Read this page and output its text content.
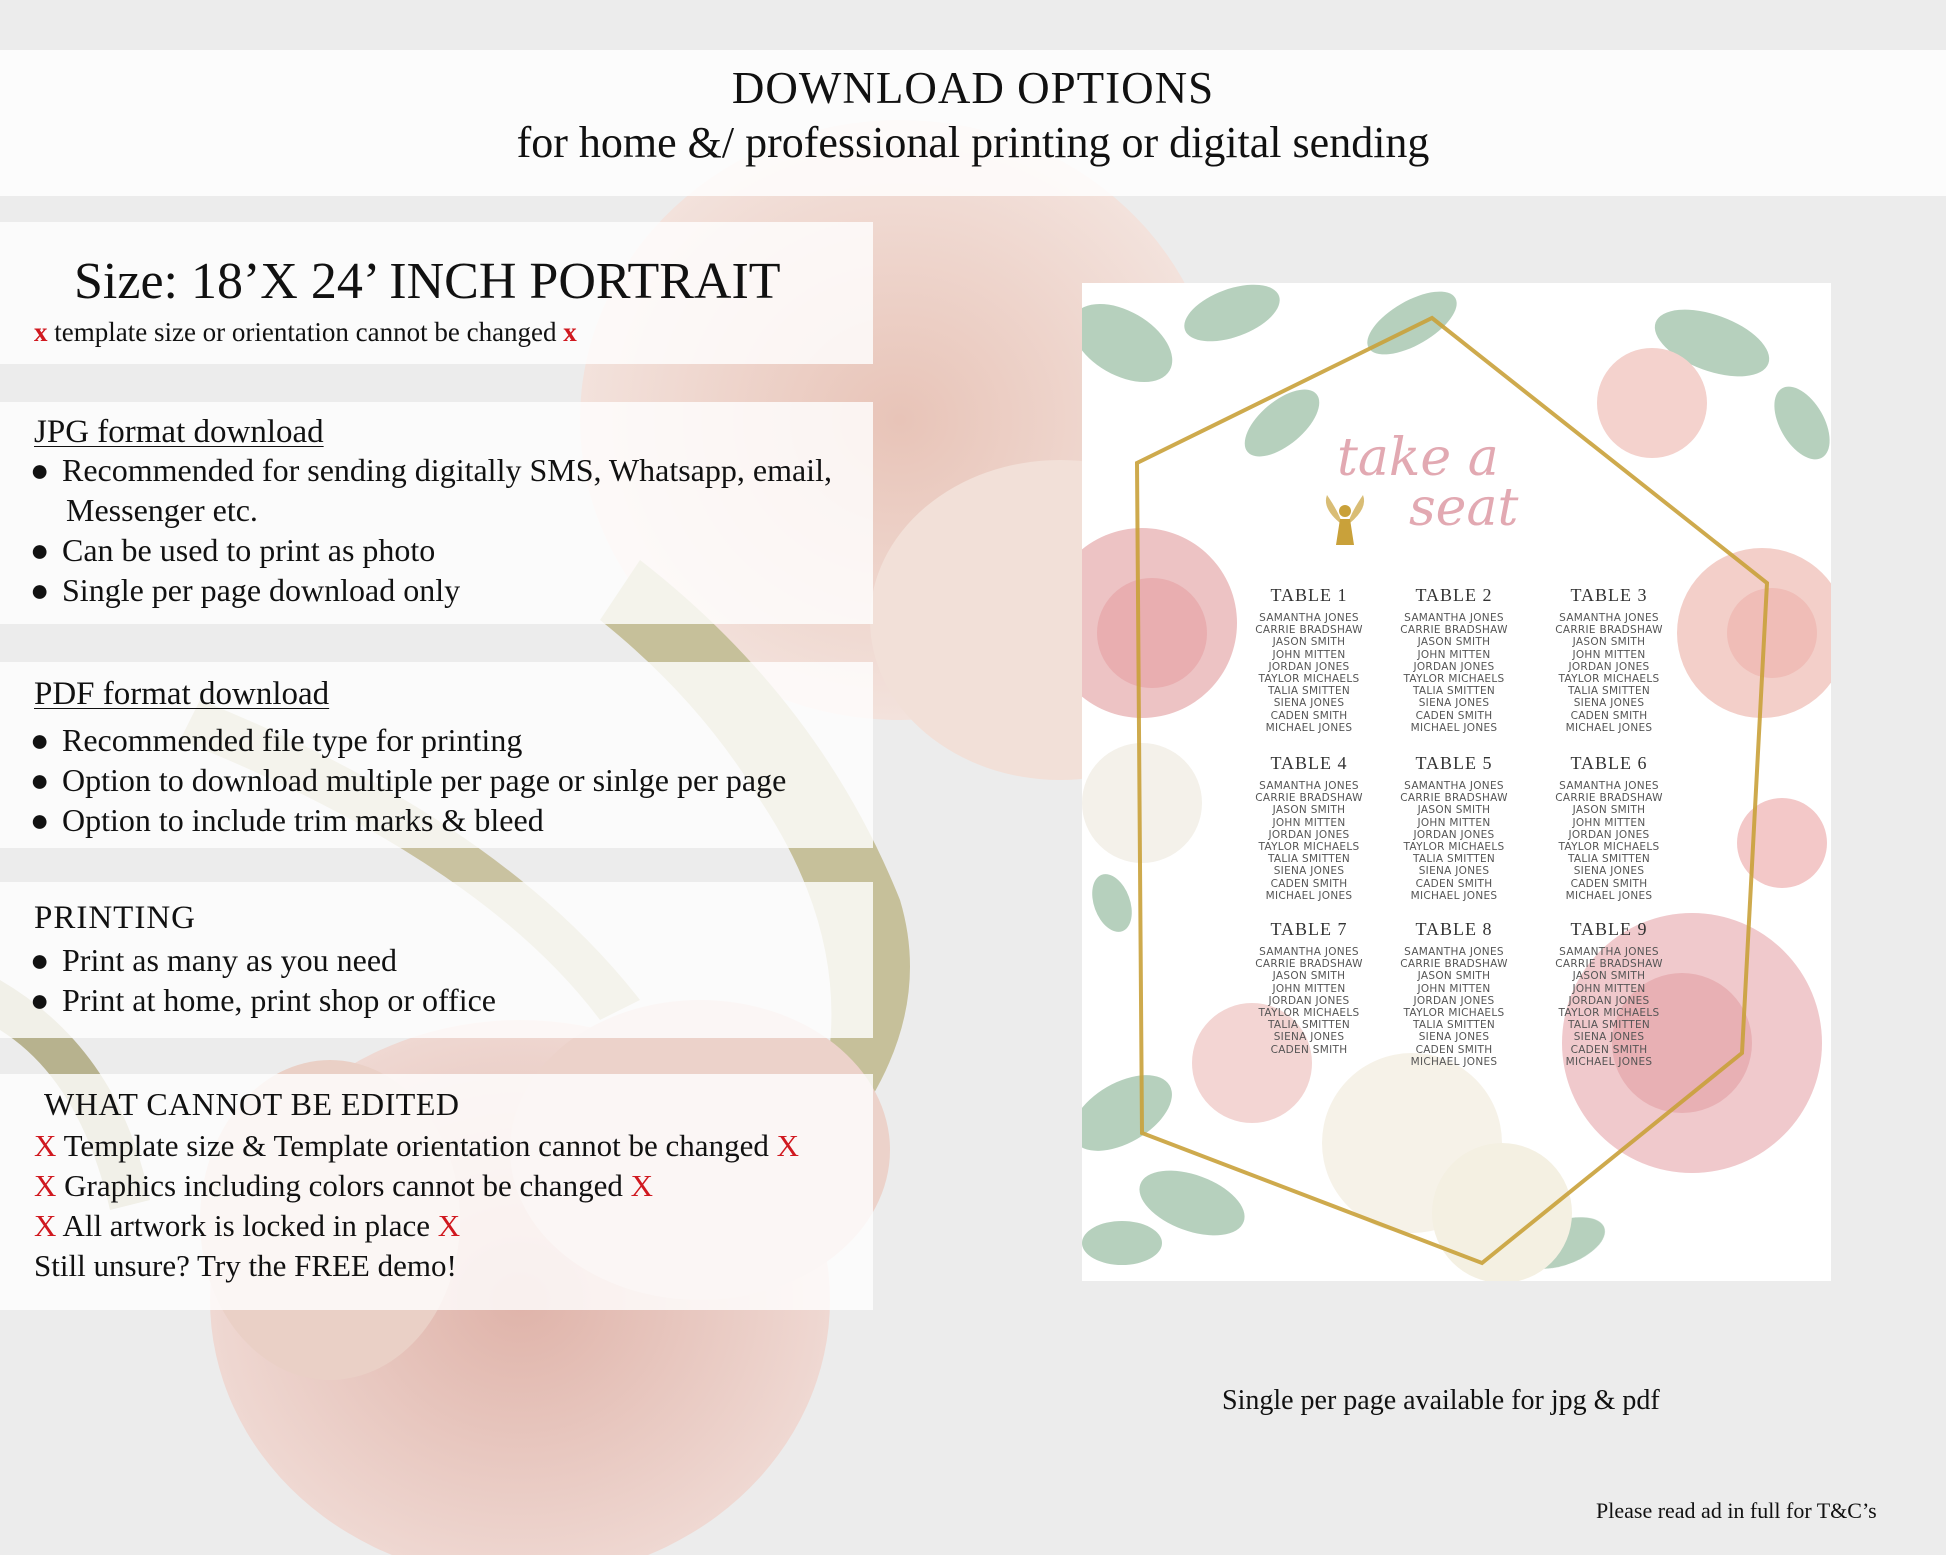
DOWNLOAD OPTIONS
for home &/ professional printing or digital sending
Size: 18’X 24’ INCH PORTRAIT
x template size or orientation cannot be changed x
JPG format download
● Recommended for sending digitally SMS, Whatsapp, email,
Messenger etc.
● Can be used to print as photo
● Single per page download only
PDF format download
● Recommended file type for printing
● Option to download multiple per page or sinlge per page
● Option to include trim marks & bleed
PRINTING
● Print as many as you need
● Print at home, print shop or office
WHAT CANNOT BE EDITED
X Template size & Template orientation cannot be changed X
X Graphics including colors cannot be changed X
X All artwork is locked in place X
Still unsure? Try the FREE demo!
take a
seat
TABLE 1
SAMANTHA JONES
CARRIE BRADSHAW
JASON SMITH
JOHN MITTEN
JORDAN JONES
TAYLOR MICHAELS
TALIA SMITTEN
SIENA JONES
CADEN SMITH
MICHAEL JONES
TABLE 2
SAMANTHA JONES
CARRIE BRADSHAW
JASON SMITH
JOHN MITTEN
JORDAN JONES
TAYLOR MICHAELS
TALIA SMITTEN
SIENA JONES
CADEN SMITH
MICHAEL JONES
TABLE 3
SAMANTHA JONES
CARRIE BRADSHAW
JASON SMITH
JOHN MITTEN
JORDAN JONES
TAYLOR MICHAELS
TALIA SMITTEN
SIENA JONES
CADEN SMITH
MICHAEL JONES
TABLE 4
SAMANTHA JONES
CARRIE BRADSHAW
JASON SMITH
JOHN MITTEN
JORDAN JONES
TAYLOR MICHAELS
TALIA SMITTEN
SIENA JONES
CADEN SMITH
MICHAEL JONES
TABLE 5
SAMANTHA JONES
CARRIE BRADSHAW
JASON SMITH
JOHN MITTEN
JORDAN JONES
TAYLOR MICHAELS
TALIA SMITTEN
SIENA JONES
CADEN SMITH
MICHAEL JONES
TABLE 6
SAMANTHA JONES
CARRIE BRADSHAW
JASON SMITH
JOHN MITTEN
JORDAN JONES
TAYLOR MICHAELS
TALIA SMITTEN
SIENA JONES
CADEN SMITH
MICHAEL JONES
TABLE 7
SAMANTHA JONES
CARRIE BRADSHAW
JASON SMITH
JOHN MITTEN
JORDAN JONES
TAYLOR MICHAELS
TALIA SMITTEN
SIENA JONES
CADEN SMITH
TABLE 8
SAMANTHA JONES
CARRIE BRADSHAW
JASON SMITH
JOHN MITTEN
JORDAN JONES
TAYLOR MICHAELS
TALIA SMITTEN
SIENA JONES
CADEN SMITH
MICHAEL JONES
TABLE 9
SAMANTHA JONES
CARRIE BRADSHAW
JASON SMITH
JOHN MITTEN
JORDAN JONES
TAYLOR MICHAELS
TALIA SMITTEN
SIENA JONES
CADEN SMITH
MICHAEL JONES
Single per page available for jpg & pdf
Please read ad in full for T&C’s
